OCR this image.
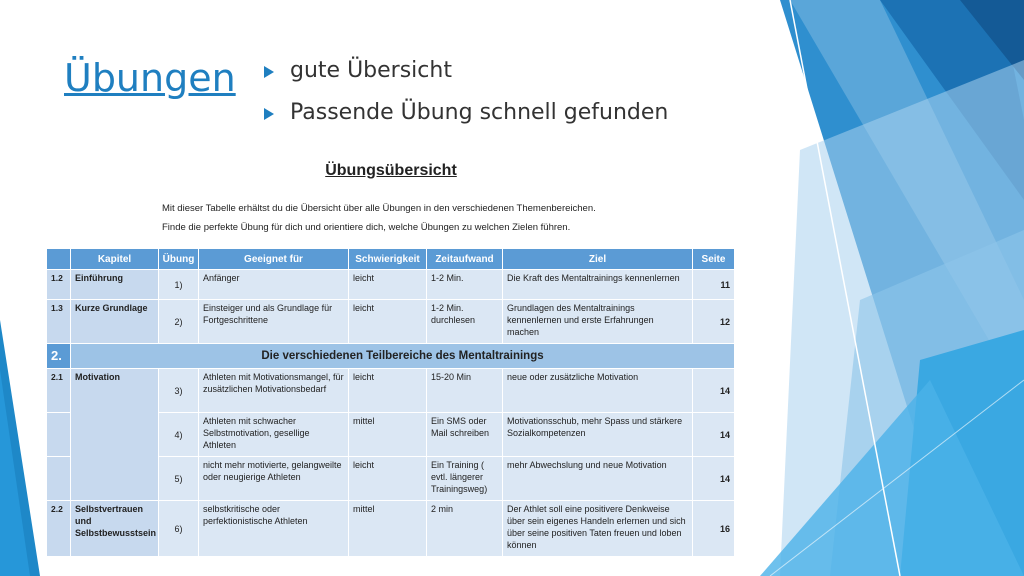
Übungen	gute Übersicht
Passende Übung schnell gefunden
Übungsübersicht
Mit dieser Tabelle erhältst du die Übersicht über alle Übungen in den verschiedenen Themenbereichen.
Finde die perfekte Übung für dich und orientiere dich, welche Übungen zu welchen Zielen führen.
	Kapitel	Übung	Geeignet für	Schwierigkeit	Zeitaufwand	Ziel	Seite
1.2	Einführung	1)	Anfänger	leicht	1-2 Min.	Die Kraft des Mentaltrainings kennenlernen	11
1.3	Kurze Grundlage	2)	Einsteiger und als Grundlage für Fortgeschrittene	leicht	1-2 Min. durchlesen	Grundlagen des Mentaltrainings kennenlernen und erste Erfahrungen machen	12
2.	Die verschiedenen Teilbereiche des Mentaltrainings						
2.1	Motivation	3)	Athleten mit Motivationsmangel, für zusätzlichen Motivationsbedarf	leicht	15-20 Min	neue oder zusätzliche Motivation	14
		4)	Athleten mit schwacher Selbstmotivation, gesellige Athleten	mittel	Ein SMS oder Mail schreiben	Motivationsschub, mehr Spass und stärkere Sozialkompetenzen	14
		5)	nicht mehr motivierte, gelangweilte oder neugierige Athleten	leicht	Ein Training ( evtl. längerer Trainingsweg)	mehr Abwechslung und neue Motivation	14
2.2	Selbstvertrauen und Selbstbewusstsein	6)	selbstkritische oder perfektionistische Athleten	mittel	2 min	Der Athlet soll eine positivere Denkweise über sein eigenes Handeln erlernen und sich über seine positiven Taten freuen und loben können	16
